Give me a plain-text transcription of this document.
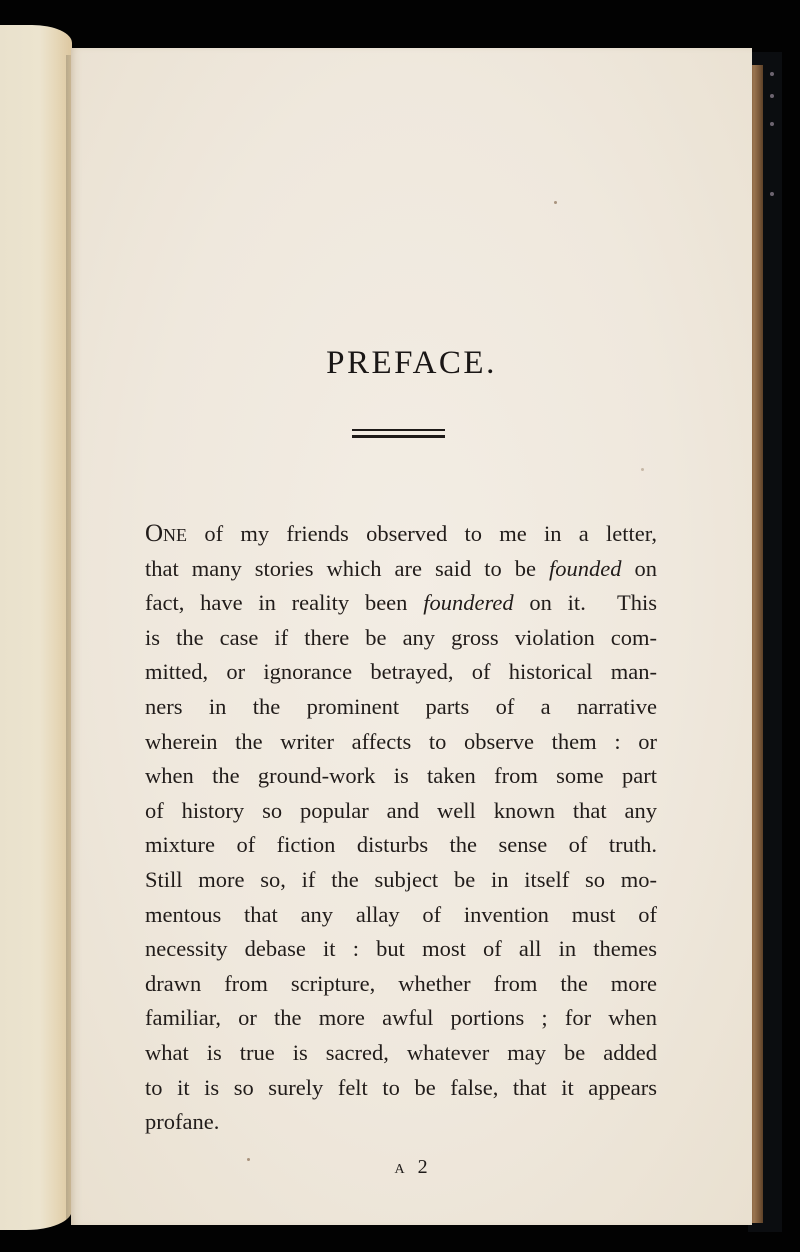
PREFACE.
One of my friends observed to me in a letter,
that many stories which are said to be founded on
fact, have in reality been foundered on it.  This
is the case if there be any gross violation com-
mitted, or ignorance betrayed, of historical man-
ners in the prominent parts of a narrative
wherein the writer affects to observe them : or
when the ground-work is taken from some part
of history so popular and well known that any
mixture of fiction disturbs the sense of truth.
Still more so, if the subject be in itself so mo-
mentous that any allay of invention must of
necessity debase it : but most of all in themes
drawn from scripture, whether from the more
familiar, or the more awful portions ; for when
what is true is sacred, whatever may be added
to it is so surely felt to be false, that it appears
profane.
A 2
